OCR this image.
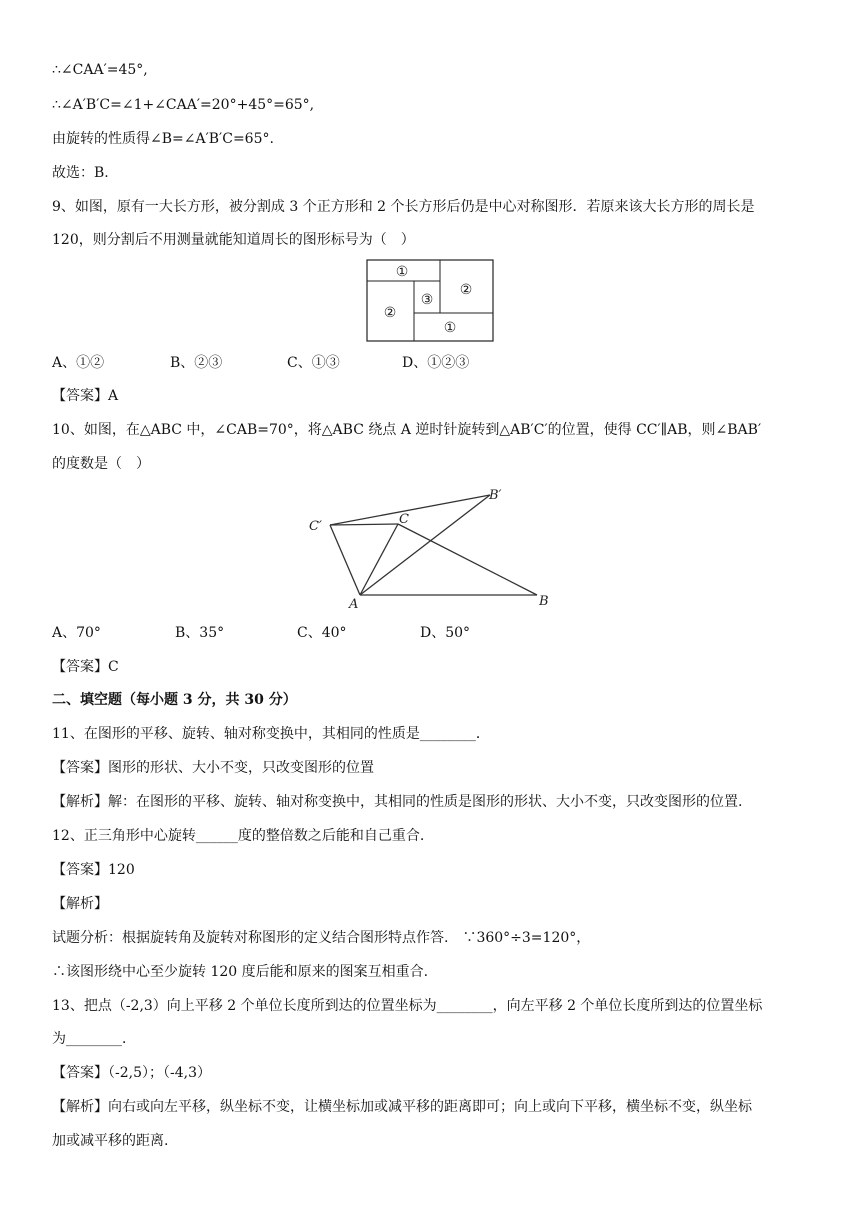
∴∠CAA′=45°,
∴∠A′B′C=∠1+∠CAA′=20°+45°=65°,
由旋转的性质得∠B=∠A′B′C=65°.
故选：B.
9、如图，原有一大长方形，被分割成 3 个正方形和 2 个长方形后仍是中心对称图形．若原来该大长方形的周长是
120，则分割后不用测量就能知道周长的图形标号为（　）
①
②
③
②
①
A、①②	B、②③	C、①③	D、①②③
【答案】A
10、如图，在△ABC 中，∠CAB=70°，将△ABC 绕点 A 逆时针旋转到△AB′C′的位置，使得 CC′∥AB，则∠BAB′
的度数是（　）
B′
C′	C
A	B
A、70°	B、35°	C、40°	D、50°
【答案】C
二、填空题（每小题 3 分，共 30 分）
11、在图形的平移、旋转、轴对称变换中，其相同的性质是________．
【答案】图形的形状、大小不变，只改变图形的位置
【解析】解：在图形的平移、旋转、轴对称变换中，其相同的性质是图形的形状、大小不变，只改变图形的位置.
12、正三角形中心旋转______度的整倍数之后能和自己重合.
【答案】120
【解析】
试题分析：根据旋转角及旋转对称图形的定义结合图形特点作答.　∵360°÷3=120°，
∴该图形绕中心至少旋转 120 度后能和原来的图案互相重合.
13、把点（-2,3）向上平移 2 个单位长度所到达的位置坐标为________，向左平移 2 个单位长度所到达的位置坐标
为________．
【答案】（-2,5）；（-4,3）
【解析】向右或向左平移，纵坐标不变，让横坐标加或减平移的距离即可；向上或向下平移，横坐标不变，纵坐标
加或减平移的距离.
